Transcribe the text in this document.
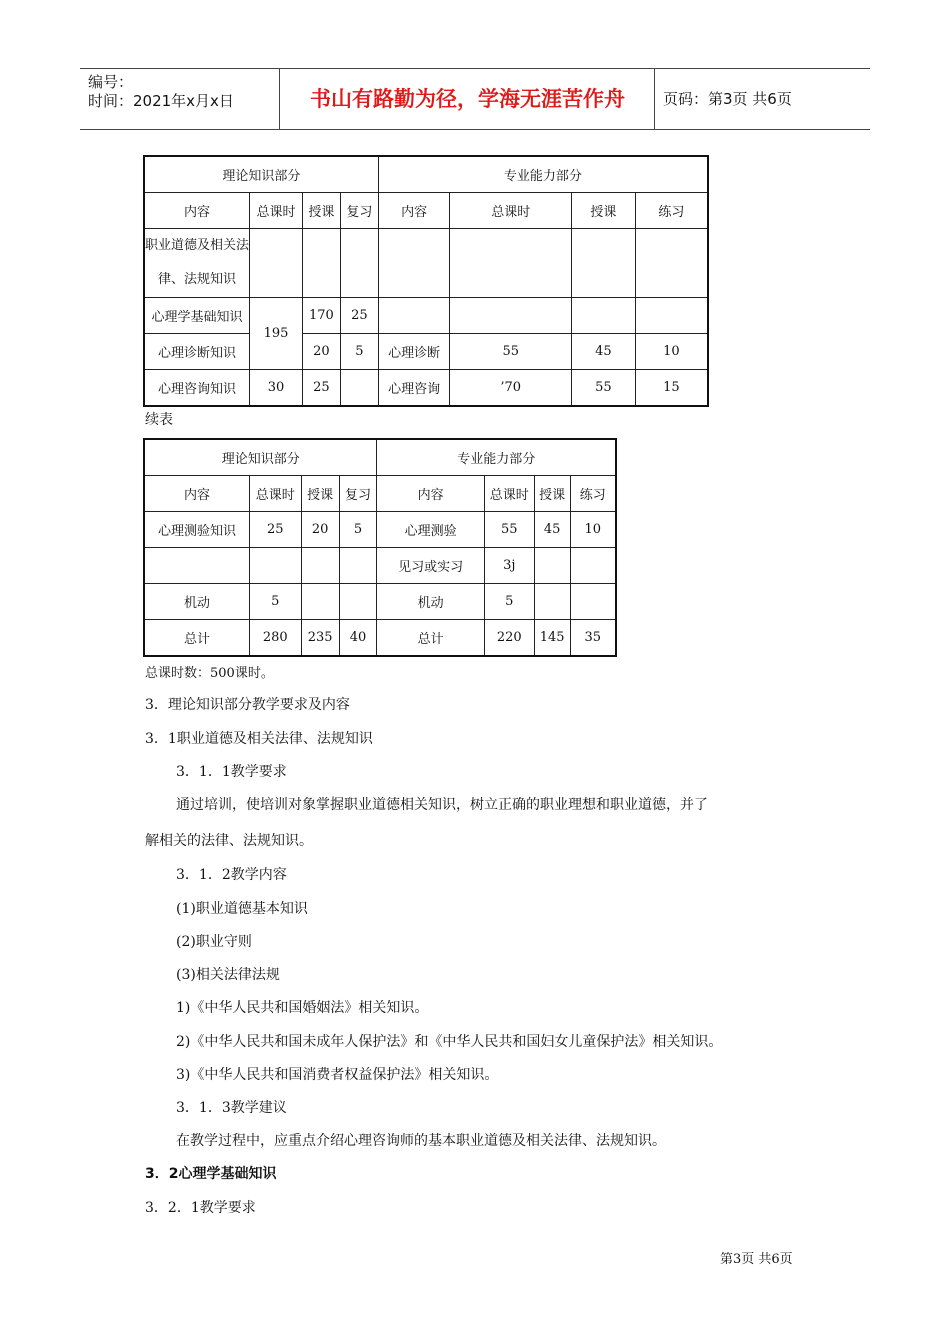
编号：
时间：2021年x月x日	书山有路勤为径，学海无涯苦作舟	页码：第3页 共6页
理论知识部分				专业能力部分			
内容	总课时	授课	复习	内容	总课时	授课	练习
职业道德及相关法律、法规知识							
心理学基础知识	195	170	25				
心理诊断知识		20	5	心理诊断	55	45	10
心理咨询知识	30	25		心理咨询	’70	55	15
续表
理论知识部分				专业能力部分			
内容	总课时	授课	复习	内容	总课时	授课	练习
心理测验知识	25	20	5	心理测验	55	45	10
				见习或实习	3j		
机动	5			机动	5		
总计	280	235	40	总计	220	145	35
总课时数：500课时。
3．理论知识部分教学要求及内容
3．1职业道德及相关法律、法规知识
3．1．1教学要求
通过培训，使培训对象掌握职业道德相关知识，树立正确的职业理想和职业道德，并了
解相关的法律、法规知识。
3．1．2教学内容
(1)职业道德基本知识
(2)职业守则
(3)相关法律法规
1)《中华人民共和国婚姻法》相关知识。
2)《中华人民共和国未成年人保护法》和《中华人民共和国妇女儿童保护法》相关知识。
3)《中华人民共和国消费者权益保护法》相关知识。
3．1．3教学建议
在教学过程中，应重点介绍心理咨询师的基本职业道德及相关法律、法规知识。
3．2心理学基础知识
3．2．1教学要求
第3页 共6页
